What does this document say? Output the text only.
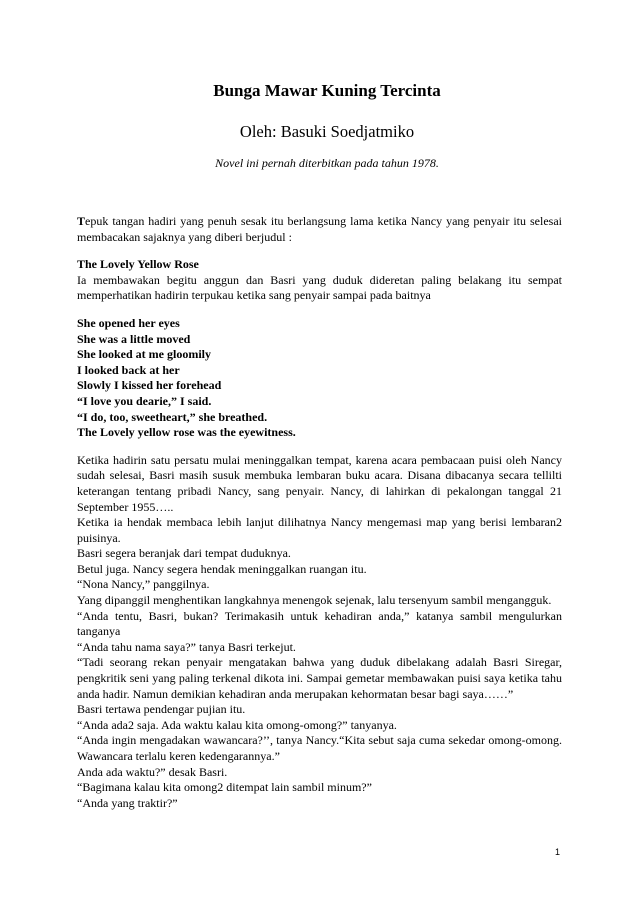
Bunga Mawar Kuning Tercinta
Oleh: Basuki Soedjatmiko
Novel ini pernah diterbitkan pada tahun 1978.

Tepuk tangan hadiri yang penuh sesak itu berlangsung lama ketika Nancy yang penyair itu selesai membacakan sajaknya yang diberi berjudul :

The Lovely Yellow Rose

Ia membawakan begitu anggun dan Basri yang duduk dideretan paling belakang itu sempat memperhatikan hadirin terpukau ketika sang penyair sampai pada baitnya

She opened her eyes

She was a little moved

She looked at me gloomily

I looked back at her

Slowly I kissed her forehead

“I love you dearie,” I said.

“I do, too, sweetheart,” she breathed.

The Lovely yellow rose was the eyewitness.

Ketika hadirin satu persatu mulai meninggalkan tempat, karena acara pembacaan puisi oleh Nancy sudah selesai, Basri masih susuk membuka lembaran buku acara. Disana dibacanya secara tellilti keterangan tentang pribadi Nancy, sang penyair. Nancy, di lahirkan di pekalongan tanggal 21 September 1955…..

Ketika ia hendak membaca lebih lanjut dilihatnya Nancy mengemasi map yang berisi lembaran2 puisinya.

Basri segera beranjak dari tempat duduknya.

Betul juga. Nancy segera hendak meninggalkan ruangan itu.

“Nona Nancy,” panggilnya.

Yang dipanggil menghentikan langkahnya menengok sejenak, lalu tersenyum sambil mengangguk.

“Anda tentu, Basri, bukan? Terimakasih untuk kehadiran anda,” katanya sambil mengulurkan tanganya

“Anda tahu nama saya?” tanya Basri terkejut.

“Tadi seorang rekan penyair mengatakan bahwa yang duduk dibelakang adalah Basri Siregar, pengkritik seni yang paling terkenal dikota ini. Sampai gemetar membawakan puisi saya ketika tahu anda hadir. Namun demikian kehadiran anda merupakan kehormatan besar bagi saya……”

Basri tertawa pendengar pujian itu.

“Anda ada2 saja. Ada waktu kalau kita omong-omong?” tanyanya.

“Anda ingin mengadakan wawancara?’’, tanya Nancy.“Kita sebut saja cuma sekedar omong-omong. Wawancara terlalu keren kedengarannya.”

Anda ada waktu?” desak Basri.

“Bagimana kalau kita omong2 ditempat lain sambil minum?”

“Anda yang traktir?”

1
